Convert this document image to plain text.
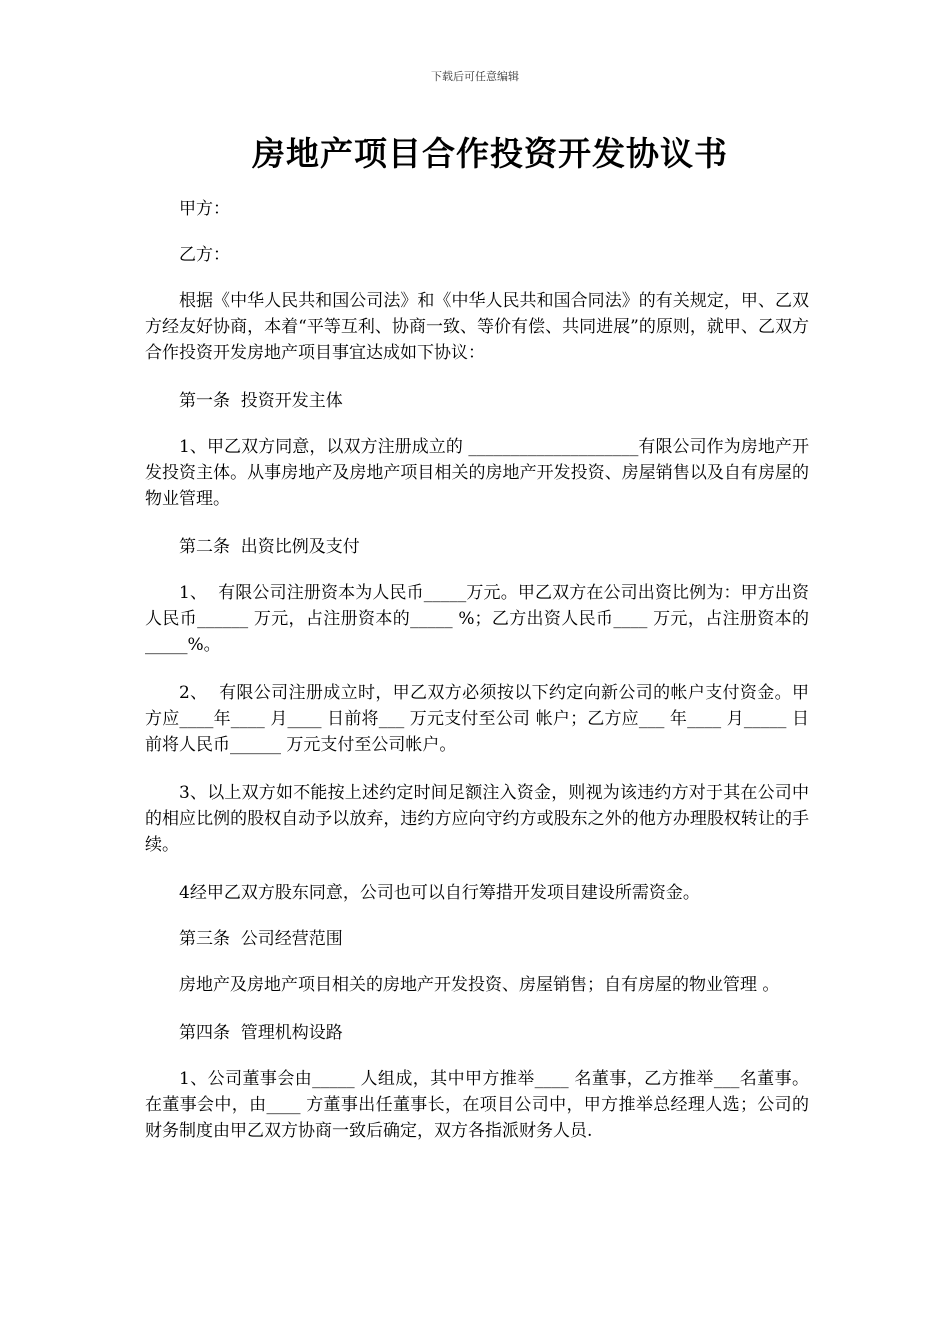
下载后可任意编辑
房地产项目合作投资开发协议书

甲方：

乙方：

根据《中华人民共和国公司法》和《中华人民共和国合同法》的有关规定，甲、乙双方经友好协商，本着“平等互利、协商一致、等价有偿、共同进展”的原则，就甲、乙双方合作投资开发房地产项目事宜达成如下协议：

第一条  投资开发主体

1、甲乙双方同意，以双方注册成立的 ____________________有限公司作为房地产开发投资主体。从事房地产及房地产项目相关的房地产开发投资、房屋销售以及自有房屋的物业管理。

第二条  出资比例及支付

1、  有限公司注册资本为人民币_____万元。甲乙双方在公司出资比例为：甲方出资人民币______ 万元，占注册资本的_____ %；乙方出资人民币____ 万元，占注册资本的 _____%。

2、  有限公司注册成立时，甲乙双方必须按以下约定向新公司的帐户支付资金。甲方应____年____ 月____ 日前将___ 万元支付至公司 帐户；乙方应___ 年____ 月_____ 日前将人民币______ 万元支付至公司帐户。

3、以上双方如不能按上述约定时间足额注入资金，则视为该违约方对于其在公司中的相应比例的股权自动予以放弃，违约方应向守约方或股东之外的他方办理股权转让的手续。

4经甲乙双方股东同意，公司也可以自行筹措开发项目建设所需资金。

第三条  公司经营范围

房地产及房地产项目相关的房地产开发投资、房屋销售；自有房屋的物业管理 。

第四条  管理机构设路

1、公司董事会由_____ 人组成，其中甲方推举____ 名董事，乙方推举___名董事。在董事会中，由____ 方董事出任董事长，在项目公司中，甲方推举总经理人选；公司的财务制度由甲乙双方协商一致后确定，双方各指派财务人员.
